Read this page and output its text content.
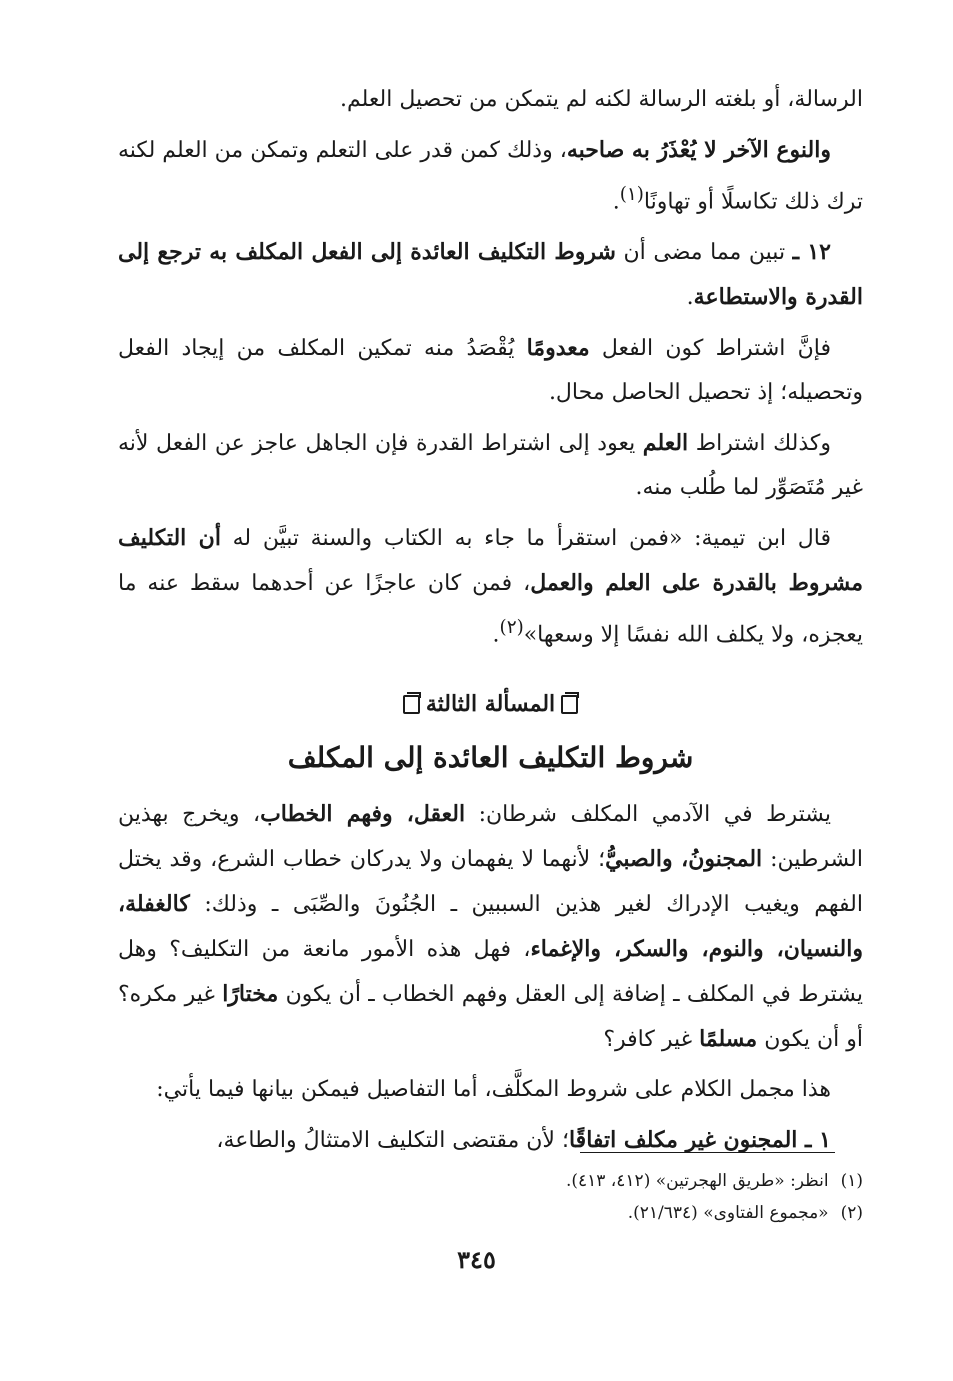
الرسالة، أو بلغته الرسالة لكنه لم يتمكن من تحصيل العلم.

والنوع الآخر لا يُعْذَرُ به صاحبه، وذلك كمن قدر على التعلم وتمكن من العلم لكنه ترك ذلك تكاسلًا أو تهاونًا$^{(١)}$.

١٢ ـ تبين مما مضى أن شروط التكليف العائدة إلى الفعل المكلف به ترجع إلى القدرة والاستطاعة.

فإنَّ اشتراط كون الفعل معدومًا يُقْصَدُ منه تمكين المكلف من إيجاد الفعل وتحصيله؛ إذ تحصيل الحاصل محال.

وكذلك اشتراط العلم يعود إلى اشتراط القدرة فإن الجاهل عاجز عن الفعل لأنه غير مُتَصَوِّر لما طُلب منه.

قال ابن تيمية: «فمن استقرأ ما جاء به الكتاب والسنة تبيَّن له أن التكليف مشروط بالقدرة على العلم والعمل، فمن كان عاجزًا عن أحدهما سقط عنه ما يعجزه، ولا يكلف الله نفسًا إلا وسعها»$^{(٢)}$.

المسألة الثالثة
شروط التكليف العائدة إلى المكلف

يشترط في الآدمي المكلف شرطان: العقل، وفهم الخطاب، ويخرج بهذين الشرطين: المجنونُ، والصبيُّ؛ لأنهما لا يفهمان ولا يدركان خطاب الشرع، وقد يختل الفهم ويغيب الإدراك لغير هذين السببين ـ الجُنُونَ والصِّبَى ـ وذلك: كالغفلة، والنسيان، والنوم، والسكر، والإغماء، فهل هذه الأمور مانعة من التكليف؟ وهل يشترط في المكلف ـ إضافة إلى العقل وفهم الخطاب ـ أن يكون مختارًا غير مكره؟ أو أن يكون مسلمًا غير كافر؟

هذا مجمل الكلام على شروط المكلَّف، أما التفاصيل فيمكن بيانها فيما يأتي:

١ ـ المجنون غير مكلف اتفاقًا؛ لأن مقتضى التكليف الامتثالُ والطاعة،

(١)انظر: «طريق الهجرتين» (٤١٢، ٤١٣).
(٢)«مجموع الفتاوى» (٢١/٦٣٤).
٣٤٥
